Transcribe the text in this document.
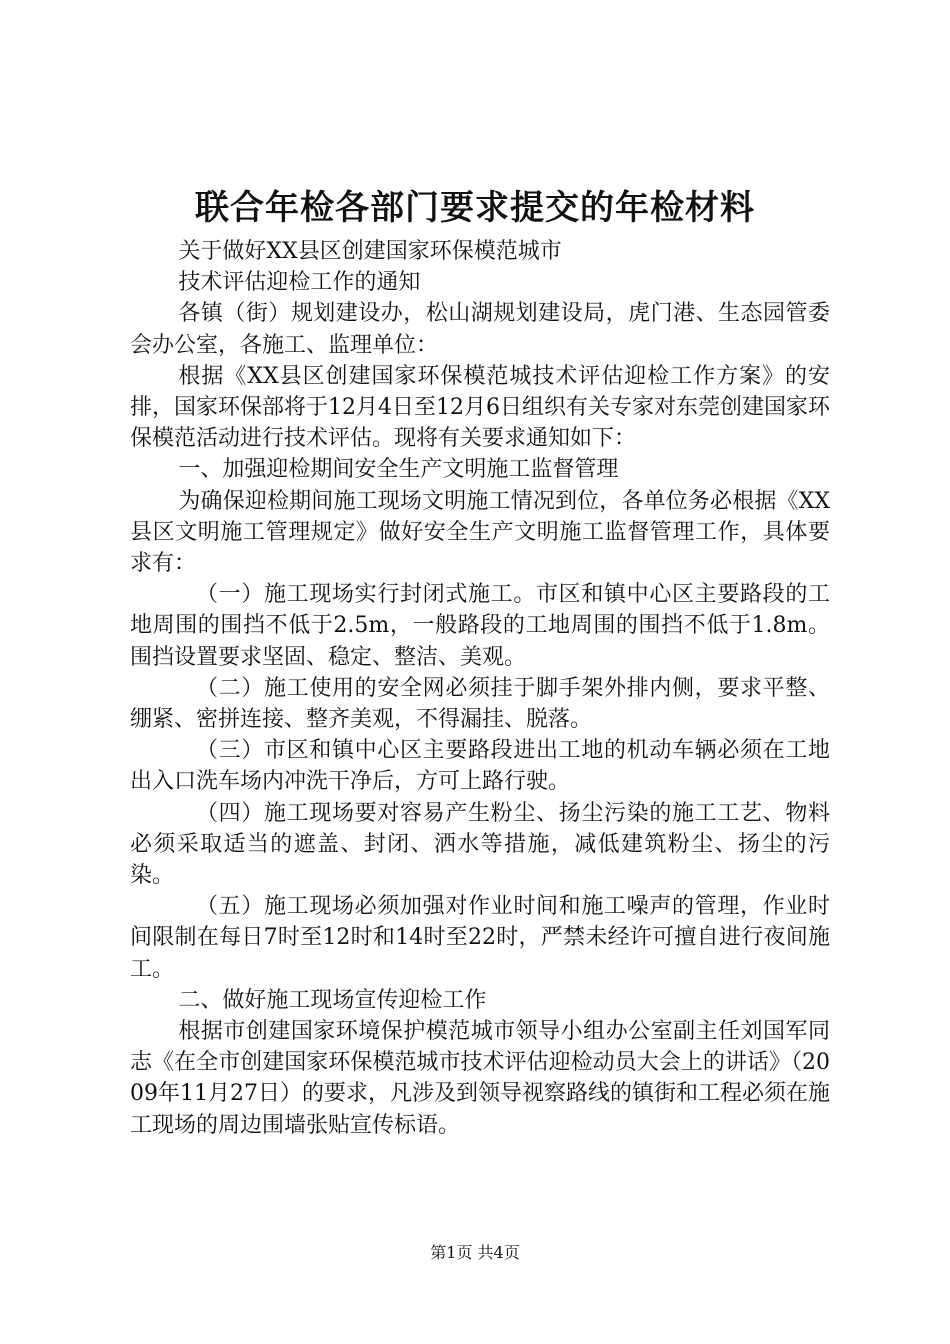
联合年检各部门要求提交的年检材料

关于做好XX县区创建国家环保模范城市

技术评估迎检工作的通知

各镇（街）规划建设办，松山湖规划建设局，虎门港、生态园管委会办公室，各施工、监理单位：

根据《XX县区创建国家环保模范城技术评估迎检工作方案》的安排，国家环保部将于12月4日至12月6日组织有关专家对东莞创建国家环保模范活动进行技术评估。现将有关要求通知如下：

一、加强迎检期间安全生产文明施工监督管理

为确保迎检期间施工现场文明施工情况到位，各单位务必根据《XX县区文明施工管理规定》做好安全生产文明施工监督管理工作，具体要求有：

（一）施工现场实行封闭式施工。市区和镇中心区主要路段的工地周围的围挡不低于2.5m，一般路段的工地周围的围挡不低于1.8m。围挡设置要求坚固、稳定、整洁、美观。

（二）施工使用的安全网必须挂于脚手架外排内侧，要求平整、绷紧、密拼连接、整齐美观，不得漏挂、脱落。

（三）市区和镇中心区主要路段进出工地的机动车辆必须在工地出入口洗车场内冲洗干净后，方可上路行驶。

（四）施工现场要对容易产生粉尘、扬尘污染的施工工艺、物料必须采取适当的遮盖、封闭、洒水等措施，减低建筑粉尘、扬尘的污染。

（五）施工现场必须加强对作业时间和施工噪声的管理，作业时间限制在每日7时至12时和14时至22时，严禁未经许可擅自进行夜间施工。

二、做好施工现场宣传迎检工作

根据市创建国家环境保护模范城市领导小组办公室副主任刘国军同志《在全市创建国家环保模范城市技术评估迎检动员大会上的讲话》（2009年11月27日）的要求，凡涉及到领导视察路线的镇街和工程必须在施工现场的周边围墙张贴宣传标语。

第1页 共4页
